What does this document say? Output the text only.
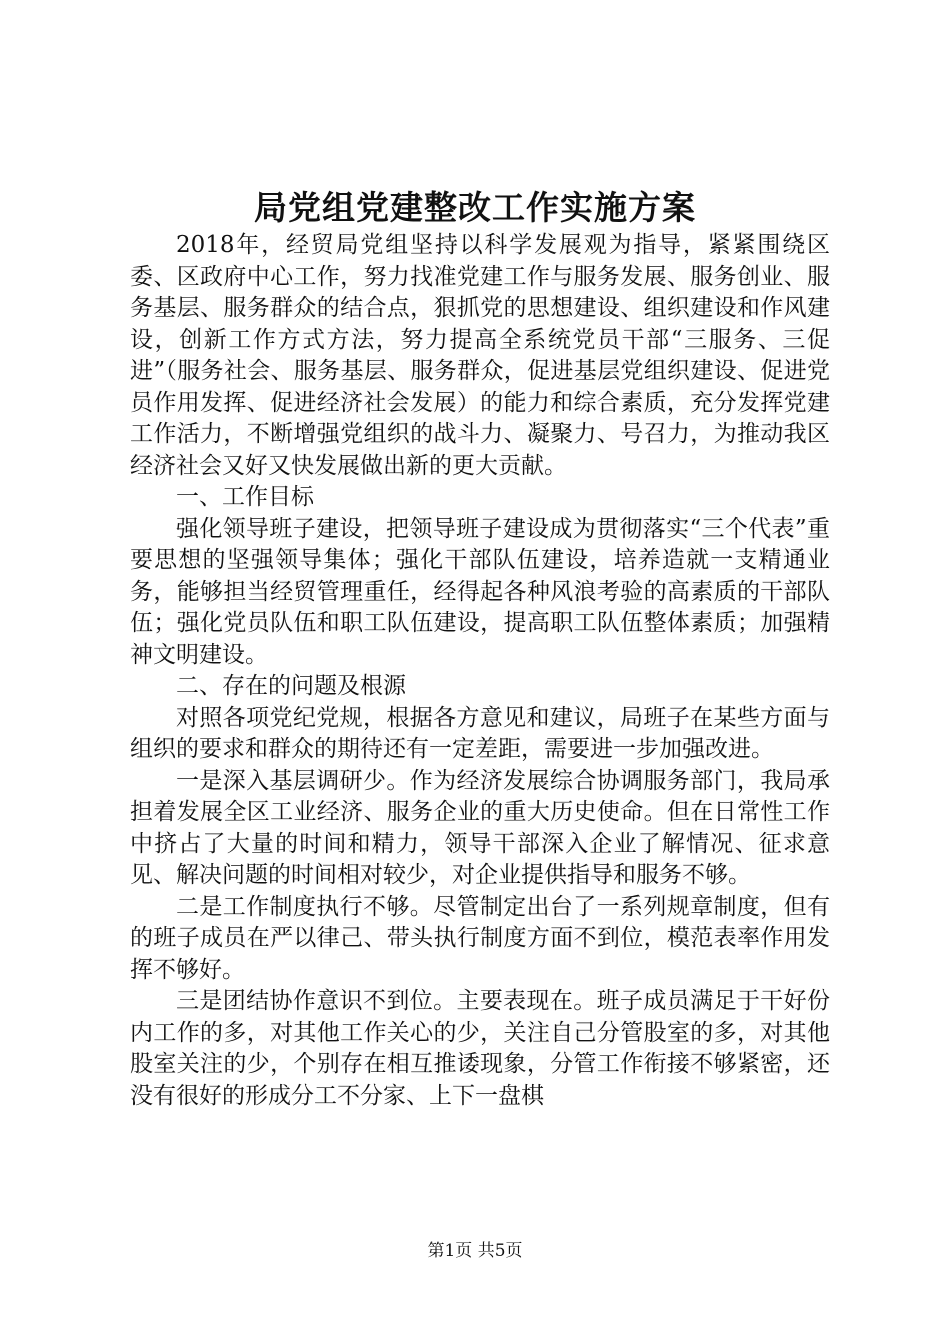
局党组党建整改工作实施方案

2018年，经贸局党组坚持以科学发展观为指导，紧紧围绕区委、区政府中心工作，努力找准党建工作与服务发展、服务创业、服务基层、服务群众的结合点，狠抓党的思想建设、组织建设和作风建设，创新工作方式方法，努力提高全系统党员干部“三服务、三促进”（服务社会、服务基层、服务群众，促进基层党组织建设、促进党员作用发挥、促进经济社会发展）的能力和综合素质，充分发挥党建工作活力，不断增强党组织的战斗力、凝聚力、号召力，为推动我区经济社会又好又快发展做出新的更大贡献。

一、工作目标

强化领导班子建设，把领导班子建设成为贯彻落实“三个代表”重要思想的坚强领导集体；强化干部队伍建设，培养造就一支精通业务，能够担当经贸管理重任，经得起各种风浪考验的高素质的干部队伍；强化党员队伍和职工队伍建设，提高职工队伍整体素质；加强精神文明建设。

二、存在的问题及根源

对照各项党纪党规，根据各方意见和建议，局班子在某些方面与组织的要求和群众的期待还有一定差距，需要进一步加强改进。

一是深入基层调研少。作为经济发展综合协调服务部门，我局承担着发展全区工业经济、服务企业的重大历史使命。但在日常性工作中挤占了大量的时间和精力，领导干部深入企业了解情况、征求意见、解决问题的时间相对较少，对企业提供指导和服务不够。

二是工作制度执行不够。尽管制定出台了一系列规章制度，但有的班子成员在严以律己、带头执行制度方面不到位，模范表率作用发挥不够好。

三是团结协作意识不到位。主要表现在。班子成员满足于干好份内工作的多，对其他工作关心的少，关注自己分管股室的多，对其他股室关注的少，个别存在相互推诿现象，分管工作衔接不够紧密，还没有很好的形成分工不分家、上下一盘棋

第1页 共5页
